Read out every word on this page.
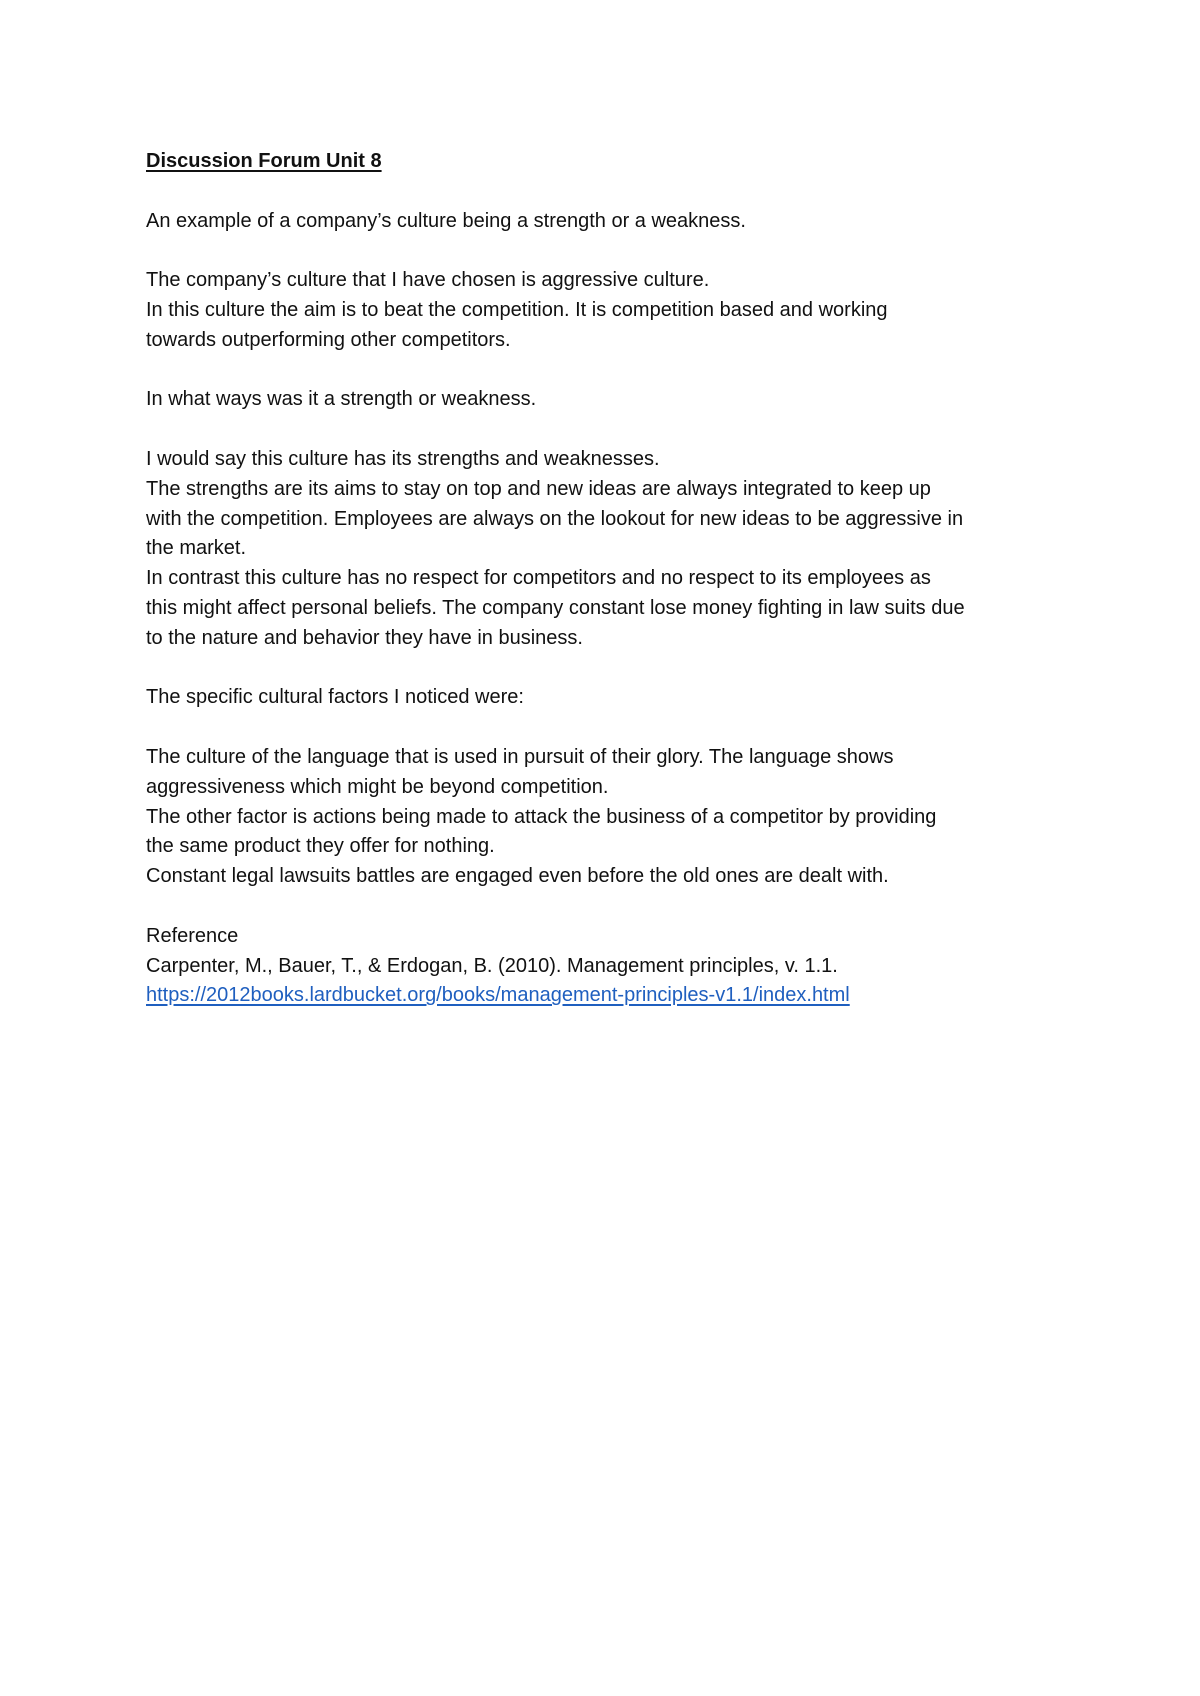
Discussion Forum Unit 8
An example of a company’s culture being a strength or a weakness.
The company’s culture that I have chosen is aggressive culture.
In this culture the aim is to beat the competition. It is competition based and working
towards outperforming other competitors.
In what ways was it a strength or weakness.
I would say this culture has its strengths and weaknesses.
The strengths are its aims to stay on top and new ideas are always integrated to keep up
with the competition. Employees are always on the lookout for new ideas to be aggressive in
the market.
In contrast this culture has no respect for competitors and no respect to its employees as
this might affect personal beliefs. The company constant lose money fighting in law suits due
to the nature and behavior they have in business.
The specific cultural factors I noticed were:
The culture of the language that is used in pursuit of their glory. The language shows
aggressiveness which might be beyond competition.
The other factor is actions being made to attack the business of a competitor by providing
the same product they offer for nothing.
Constant legal lawsuits battles are engaged even before the old ones are dealt with.
Reference
Carpenter, M., Bauer, T., & Erdogan, B. (2010). Management principles, v. 1.1.
https://2012books.lardbucket.org/books/management-principles-v1.1/index.html
